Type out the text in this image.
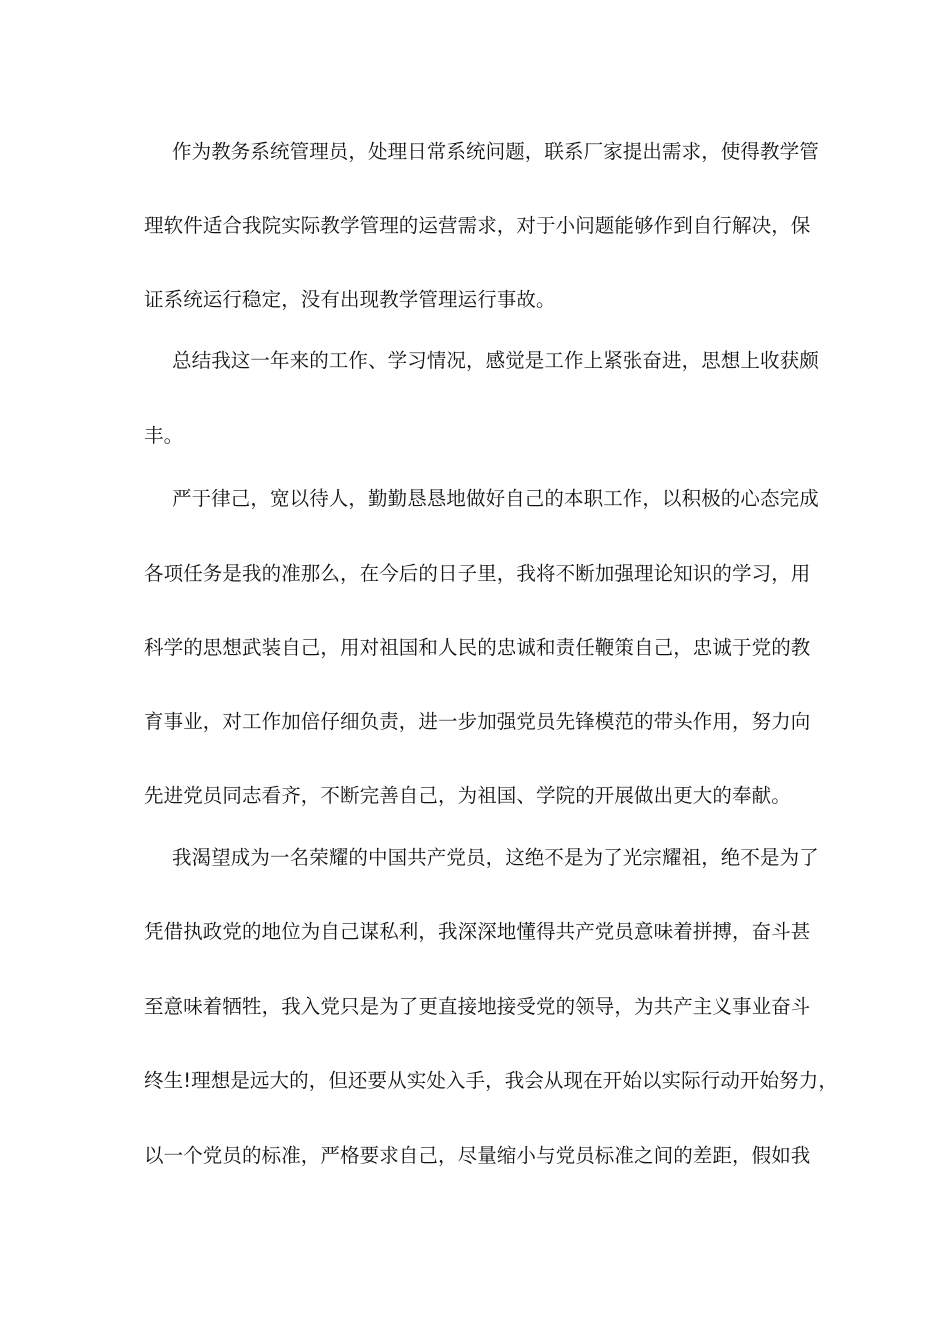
作为教务系统管理员，处理日常系统问题，联系厂家提出需求，使得教学管
理软件适合我院实际教学管理的运营需求，对于小问题能够作到自行解决，保
证系统运行稳定，没有出现教学管理运行事故。
总结我这一年来的工作、学习情况，感觉是工作上紧张奋进，思想上收获颇
丰。
严于律己，宽以待人，勤勤恳恳地做好自己的本职工作，以积极的心态完成
各项任务是我的准那么，在今后的日子里，我将不断加强理论知识的学习，用
科学的思想武装自己，用对祖国和人民的忠诚和责任鞭策自己，忠诚于党的教
育事业，对工作加倍仔细负责，进一步加强党员先锋模范的带头作用，努力向
先进党员同志看齐，不断完善自己，为祖国、学院的开展做出更大的奉献。
我渴望成为一名荣耀的中国共产党员，这绝不是为了光宗耀祖，绝不是为了
凭借执政党的地位为自己谋私利，我深深地懂得共产党员意味着拼搏，奋斗甚
至意味着牺牲，我入党只是为了更直接地接受党的领导，为共产主义事业奋斗
终生!理想是远大的，但还要从实处入手，我会从现在开始以实际行动开始努力，
以一个党员的标准，严格要求自己，尽量缩小与党员标准之间的差距，假如我
